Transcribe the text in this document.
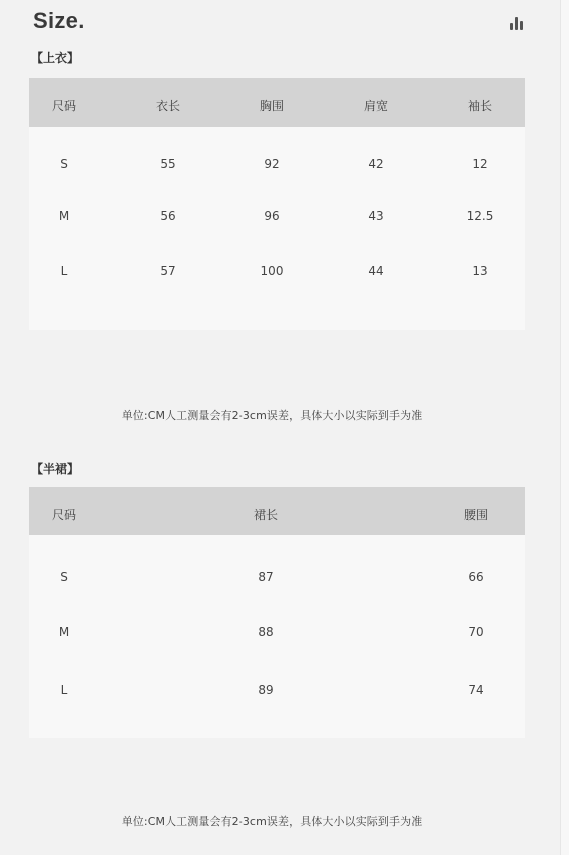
Size.
【上衣】
尺码	衣长	胸围	肩宽	袖长
S	55	92	42	12
M	56	96	43	12.5
L	57	100	44	13
单位:CM人工测量会有2-3cm误差，具体大小以实际到手为准
【半裙】
尺码	裙长	腰围
S	87	66
M	88	70
L	89	74
单位:CM人工测量会有2-3cm误差，具体大小以实际到手为准
